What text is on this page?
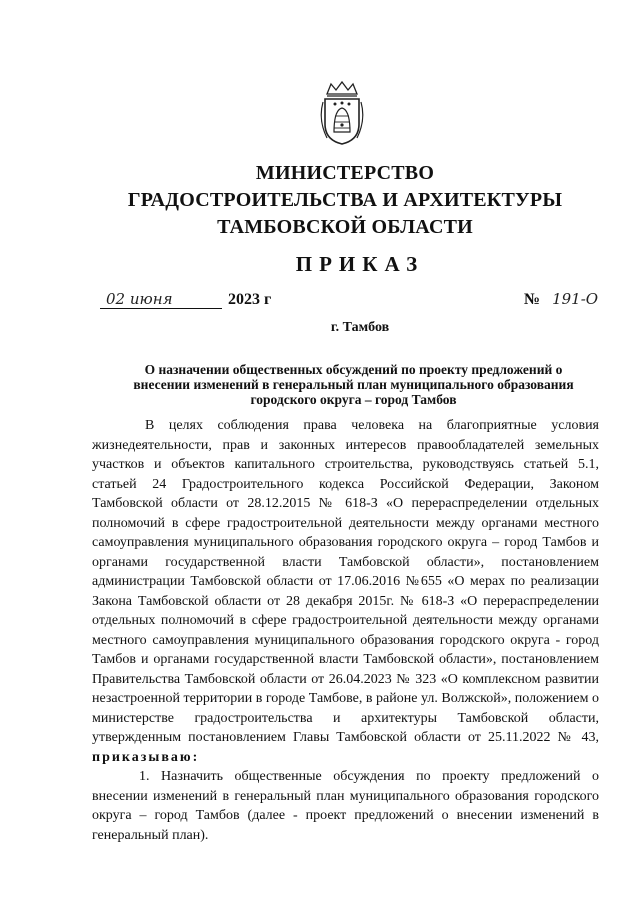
МИНИСТЕРСТВО
ГРАДОСТРОИТЕЛЬСТВА И АРХИТЕКТУРЫ
ТАМБОВСКОЙ ОБЛАСТИ
ПРИКАЗ
02 июня	2023 г	№ 191-О
г. Тамбов
О назначении общественных обсуждений по проекту предложений о
внесении изменений в генеральный план муниципального образования
городского округа – город Тамбов

В целях соблюдения права человека на благоприятные условия жизнедеятельности, прав и законных интересов правообладателей земельных участков и объектов капитального строительства, руководствуясь статьей 5.1, статьей 24 Градостроительного кодекса Российской Федерации, Законом Тамбовской области от 28.12.2015 № 618-З «О перераспределении отдельных полномочий в сфере градостроительной деятельности между органами местного самоуправления муниципального образования городского округа – город Тамбов и органами государственной власти Тамбовской области», постановлением администрации Тамбовской области от 17.06.2016 №655 «О мерах по реализации Закона Тамбовской области от 28 декабря 2015г. № 618-З «О перераспределении отдельных полномочий в сфере градостроительной деятельности между органами местного самоуправления муниципального образования городского округа - город Тамбов и органами государственной власти Тамбовской области», постановлением Правительства Тамбовской области от 26.04.2023 № 323 «О комплексном развитии незастроенной территории в городе Тамбове, в районе ул. Волжской», положением о министерстве градостроительства и архитектуры Тамбовской области, утвержденным постановлением Главы Тамбовской области от 25.11.2022 № 43, приказываю:

1. Назначить общественные обсуждения по проекту предложений о внесении изменений в генеральный план муниципального образования городского округа – город Тамбов (далее - проект предложений о внесении изменений в генеральный план).
